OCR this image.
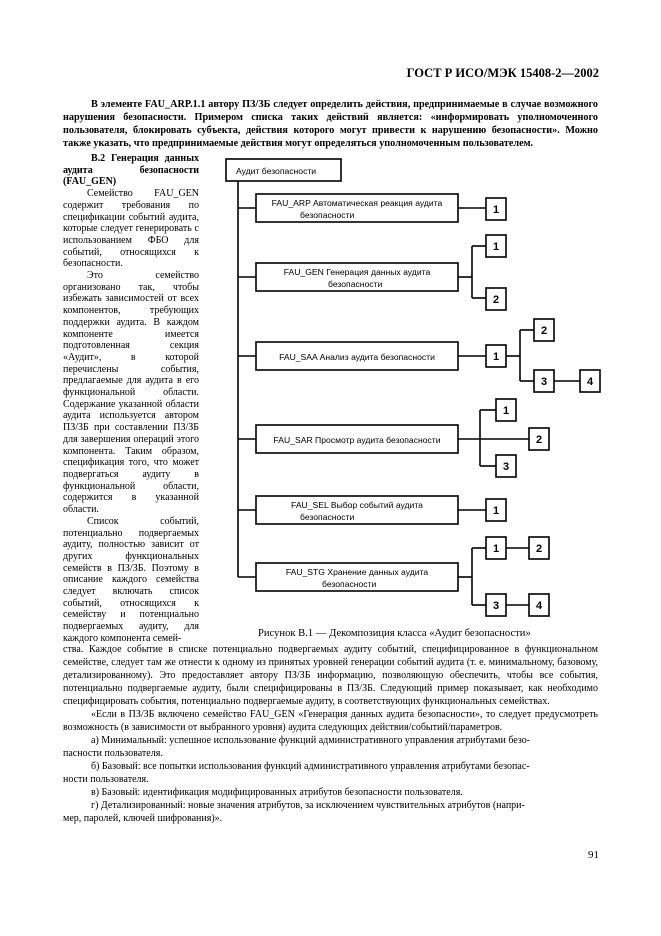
ГОСТ Р ИСО/МЭК 15408-2—2002

В элементе FAU_ARP.1.1 автору ПЗ/ЗБ следует определить действия, предпринимаемые в случае возможного нарушения безопасности. Примером списка таких действий является: «информировать уполномоченного пользователя, блокировать субъекта, действия которого могут привести к нарушению безопасности». Можно также указать, что предпринимаемые действия могут определяться уполномоченным пользователем.

B.2 Генерация данных аудита безопасности (FAU_GEN)

Семейство FAU_GEN содержит требования по спецификации событий аудита, которые следует генерировать с использованием ФБО для событий, относящихся к безопасности.

Это семейство организовано так, чтобы избежать зависимостей от всех компонентов, требующих поддержки аудита. В каждом компоненте имеется подготовленная секция «Аудит», в которой перечислены события, предлагаемые для аудита в его функциональной области. Содержание указанной области аудита используется автором ПЗ/ЗБ при составлении ПЗ/ЗБ для завершения операций этого компонента. Таким образом, спецификация того, что может подвергаться аудиту в функциональной области, содержится в указанной области.

Список событий, потенциально подвергаемых аудиту, полностью зависит от других функциональных семейств в ПЗ/ЗБ. Поэтому в описание каждого семейства следует включать список событий, относящихся к семейству и потенциально подвергаемых аудиту, для каждого компонента семей-

Аудит безопасности
FAU_ARP Автоматическая реакция аудита
безопасности
FAU_GEN Генерация данных аудита
безопасности
FAU_SAA Анализ аудита безопасности
FAU_SAR Просмотр аудита безопасности
FAU_SEL Выбор событий аудита
безопасности
FAU_STG Хранение данных аудита
безопасности
1
1
2
1
2
3	4
1
2
3
1
1	2
3	4
Рисунок B.1 — Декомпозиция класса «Аудит безопасности»

ства. Каждое событие в списке потенциально подвергаемых аудиту событий, специфицированное в функциональном семействе, следует там же отнести к одному из принятых уровней генерации событий аудита (т. е. минимальному, базовому, детализированному). Это предоставляет автору ПЗ/ЗБ информацию, позволяющую обеспечить, чтобы все события, потенциально подвергаемые аудиту, были специфицированы в ПЗ/ЗБ. Следующий пример показывает, как необходимо специфицировать события, потенциально подвергаемые аудиту, в соответствующих функциональных семействах.

«Если в ПЗ/ЗБ включено семейство FAU_GEN «Генерация данных аудита безопасности», то следует предусмотреть возможность (в зависимости от выбранного уровня) аудита следующих действия/событий/параметров.

а) Минимальный: успешное использование функций административного управления атрибутами безо-

пасности пользователя.

б) Базовый: все попытки использования функций административного управления атрибутами безопас-

ности пользователя.

в) Базовый: идентификация модифицированных атрибутов безопасности пользователя.

г) Детализированный: новые значения атрибутов, за исключением чувствительных атрибутов (напри-

мер, паролей, ключей шифрования)».

91
